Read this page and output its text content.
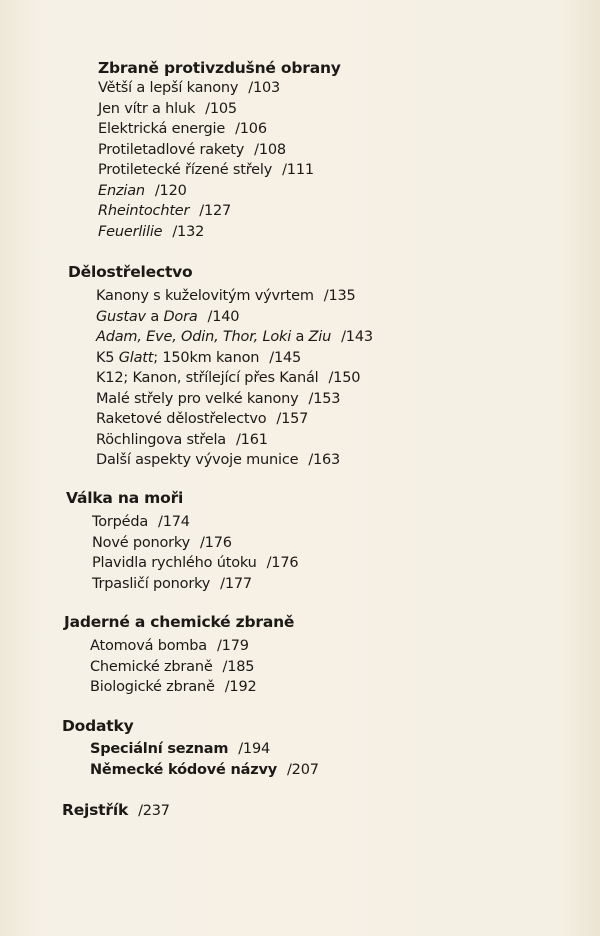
Zbraně protivzdušné obrany
Větší a lepší kanony /103
Jen vítr a hluk /105
Elektrická energie /106
Protiletadlové rakety /108
Protiletecké řízené střely /111
Enzian /120
Rheintochter /127
Feuerlilie /132
Dělostřelectvo
Kanony s kuželovitým vývrtem /135
Gustav a Dora /140
Adam, Eve, Odin, Thor, Loki a Ziu /143
K5 Glatt; 150km kanon /145
K12; Kanon, střílející přes Kanál /150
Malé střely pro velké kanony /153
Raketové dělostřelectvo /157
Röchlingova střela /161
Další aspekty vývoje munice /163
Válka na moři
Torpéda /174
Nové ponorky /176
Plavidla rychlého útoku /176
Trpasličí ponorky /177
Jaderné a chemické zbraně
Atomová bomba /179
Chemické zbraně /185
Biologické zbraně /192
Dodatky
Speciální seznam /194
Německé kódové názvy /207
Rejstřík /237
